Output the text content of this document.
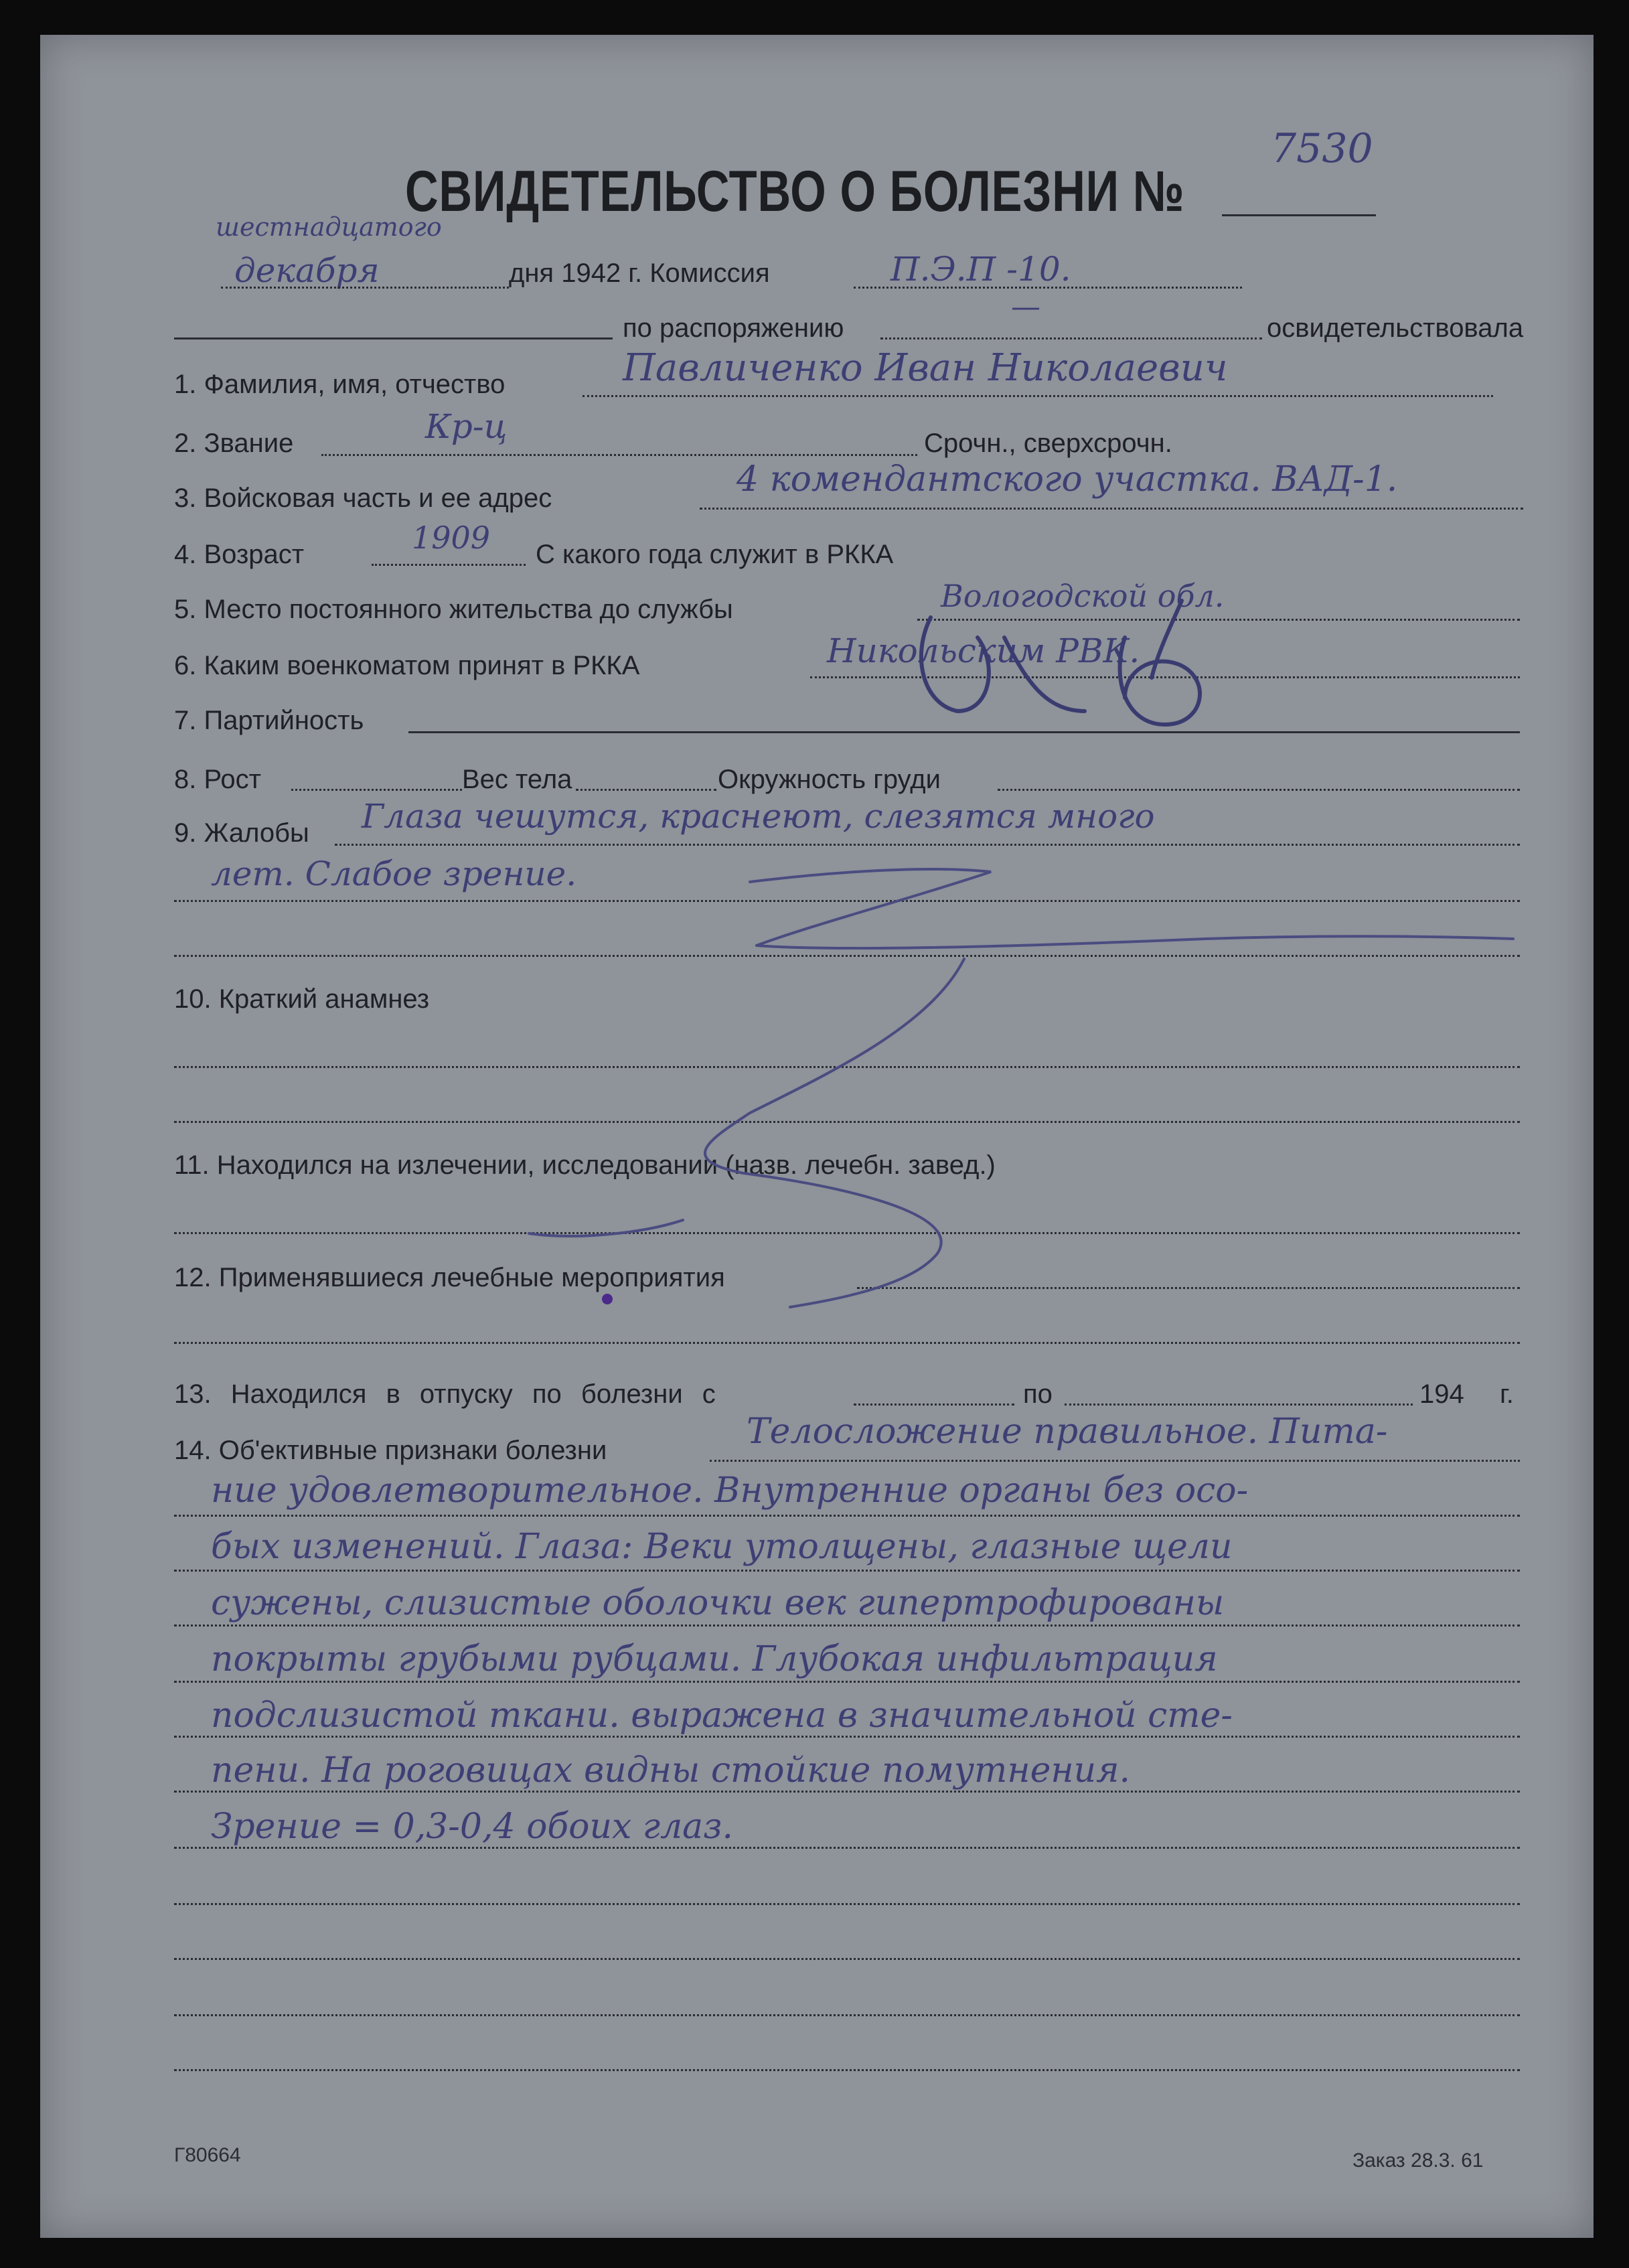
СВИДЕТЕЛЬСТВО О БОЛЕЗНИ №
7530
шестнадцатого
декабря	дня 1942 г. Комиссия	П.Э.П -10.
по распоряжению
—
освидетельствовала
1. Фамилия, имя, отчество	Павличенко Иван Николаевич
2. Звание	Кр-ц	Срочн., сверхсрочн.
3. Войсковая часть и ее адрес	4 комендантского участка. ВАД-1.
4. Возраст	1909 С какого года служит в РККА
5. Место постоянного жительства до службы	Вологодской обл.
6. Каким военкоматом принят в РККА	Никольским РВК.
7. Партийность
8. Рост	Вес тела	Окружность груди
9. Жалобы Глаза чешутся, краснеют, слезятся много
лет. Слабое зрение.
10. Краткий анамнез
11. Находился на излечении, исследовании (назв. лечебн. завед.)
12. Применявшиеся лечебные мероприятия
13. Находился в отпуску по болезни с	по	194 г.
14. Об'ективные признаки болезни	Телосложение правильное. Пита-
ние удовлетворительное. Внутренние органы без осо-
бых изменений. Глаза: Веки утолщены, глазные щели
сужены, слизистые оболочки век гипертрофированы
покрыты грубыми рубцами. Глубокая инфильтрация
подслизистой ткани. выражена в значительной сте-
пени. На роговицах видны стойкие помутнения.
Зрение = 0,3-0,4 обоих глаз.
Г80664	Заказ 28.3. 61
